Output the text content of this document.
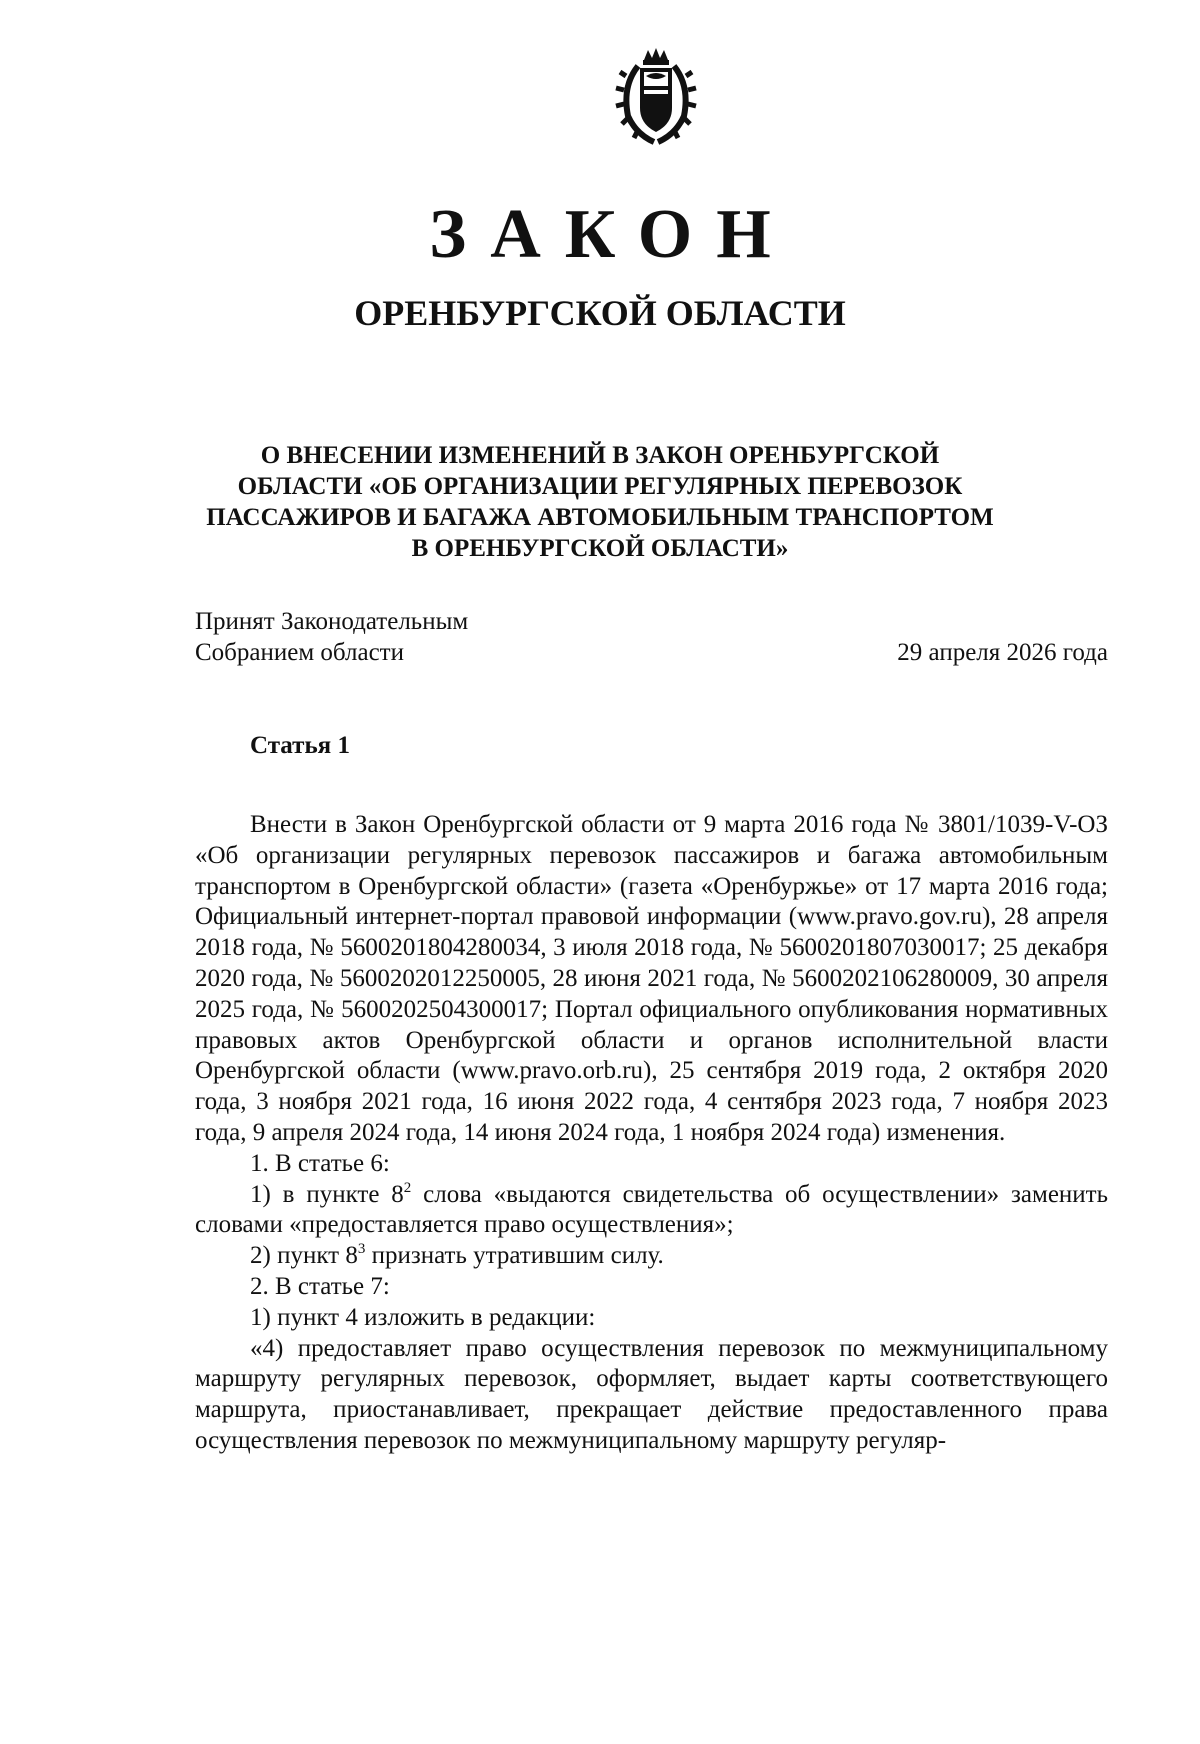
ЗАКОН
ОРЕНБУРГСКОЙ ОБЛАСТИ
О ВНЕСЕНИИ ИЗМЕНЕНИЙ В ЗАКОН ОРЕНБУРГСКОЙ ОБЛАСТИ «ОБ ОРГАНИЗАЦИИ РЕГУЛЯРНЫХ ПЕРЕВОЗОК ПАССАЖИРОВ И БАГАЖА АВТОМОБИЛЬНЫМ ТРАНСПОРТОМ В ОРЕНБУРГСКОЙ ОБЛАСТИ»
Принят Законодательным
Собранием области	29 апреля 2026 года
Статья 1

Внести в Закон Оренбургской области от 9 марта 2016 года № 3801/1039-V-ОЗ «Об организации регулярных перевозок пассажиров и багажа автомобильным транспортом в Оренбургской области» (газета «Оренбуржье» от 17 марта 2016 года; Официальный интернет-портал правовой информации (www.pravo.gov.ru), 28 апреля 2018 года, № 5600201804280034, 3 июля 2018 года, № 5600201807030017; 25 декабря 2020 года, № 5600202012250005, 28 июня 2021 года, № 5600202106280009, 30 апреля 2025 года, № 5600202504300017; Портал официального опубликования нормативных правовых актов Оренбургской области и органов исполнительной власти Оренбургской области (www.pravo.orb.ru), 25 сентября 2019 года, 2 октября 2020 года, 3 ноября 2021 года, 16 июня 2022 года, 4 сентября 2023 года, 7 ноября 2023 года, 9 апреля 2024 года, 14 июня 2024 года, 1 ноября 2024 года) изменения.

1. В статье 6:

1) в пункте $8^2$ слова «выдаются свидетельства об осуществлении» заменить словами «предоставляется право осуществления»;

2) пункт $8^3$ признать утратившим силу.

2. В статье 7:

1) пункт 4 изложить в редакции:

«4) предоставляет право осуществления перевозок по межмуниципальному маршруту регулярных перевозок, оформляет, выдает карты соответствующего маршрута, приостанавливает, прекращает действие предоставленного права осуществления перевозок по межмуниципальному маршруту регуляр-
